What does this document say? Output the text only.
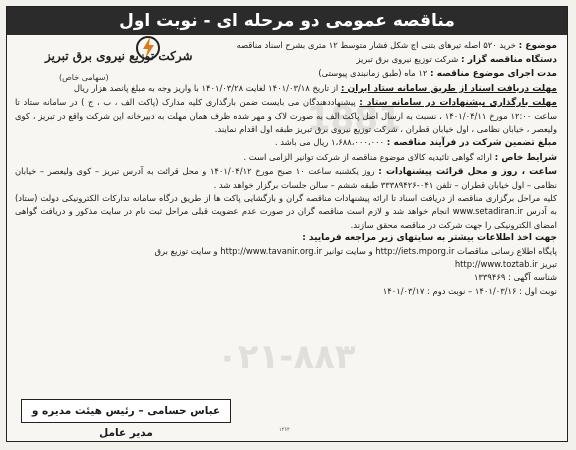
مناقصه عمومی دو مرحله ای - نوبت اول
شرکت توزیع نیروی برق تبریز
(سهامی خاص)
1881
۰۲۱-۸۸۳

موضوع : خرید ۵۲۰ اصله تیرهای بتنی اچ شکل فشار متوسط ۱۲ متری بشرح اسناد مناقصه

دستگاه مناقصه گزار : شرکت توزیع نیروی برق تبریز

مدت اجرای موضوع مناقصه : ۱۲ ماه (طبق زمانبندی پیوستی)

مهلت دریافت اسناد از طریق سامانه ستاد ایران : از تاریخ ۱۴۰۱/۰۳/۱۸ لغایت ۱۴۰۱/۰۳/۲۸ با واریز وجه به مبلغ پانصد هزار ریال

مهلت بارگذاری پیشنهادات در سامانه ستاد : پیشنهاددهندگان می بایست ضمن بارگذاری کلیه مدارک (پاکت الف ، ب ، ج ) در سامانه ستاد تا ساعت ۱۲:۰۰ مورخ ۱۴۰۱/۰۴/۱۱ ، نسبت به ارسال اصل پاکت الف به صورت لاک و مهر شده ظرف همان مهلت به دبیرخانه این شرکت واقع در تبریز ، کوی ولیعصر ، خیابان نظامی ، اول خیابان قطران ، شرکت توزیع نیروی برق تبریز طبقه اول اقدام نمایند.

مبلغ تضمین شرکت در فرآیند مناقصه : ۱،۶۸۸،۰۰۰،۰۰۰ ریال می باشد .

شرایط خاص : ارائه گواهی تائیدیه کالای موضوع مناقصه از شرکت توانیر الزامی است .

ساعت ، روز و محل قرائت پیشنهادات : روز یکشنبه ساعت ۱۰ صبح مورخ ۱۴۰۱/۰۴/۱۲ و محل قرائت به آدرس تبریز – کوی ولیعصر – خیابان نظامی – اول خیابان قطران – تلفن ۰۴۱-۳۳۳۸۹۴۲۶ طبقه ششم – سالن جلسات برگزار خواهد شد .

کلیه مراحل برگزاری مناقصه از دریافت اسناد تا ارائه پیشنهادات مناقصه گران و بازگشایی پاکت ها از طریق درگاه سامانه تدارکات الکترونیکی دولت (ستاد) به آدرس www.setadiran.ir انجام خواهد شد و لازم است مناقصه گران در صورت عدم عضویت قبلی مراحل ثبت نام در سایت مذکور و دریافت گواهی امضای الکترونیکی را جهت شرکت در مناقصه محقق سازند.

جهت اخذ اطلاعات بیشتر به سایتهای زیر مراجعه فرمایید :

پایگاه اطلاع رسانی مناقصات http://iets.mporg.ir و سایت توانیر http://www.tavanir.org.ir و سایت توزیع برق

تبریز http://www.toztab.ir

شناسه آگهی : ۱۳۳۹۴۶۹

نوبت اول : ۱۴۰۱/۰۳/۱۶ – نوبت دوم : ۱۴۰۱/۰۳/۱۷

عباس حسامی – رئیس هیئت مدیره و مدیر عامل	۱۴۶۴
